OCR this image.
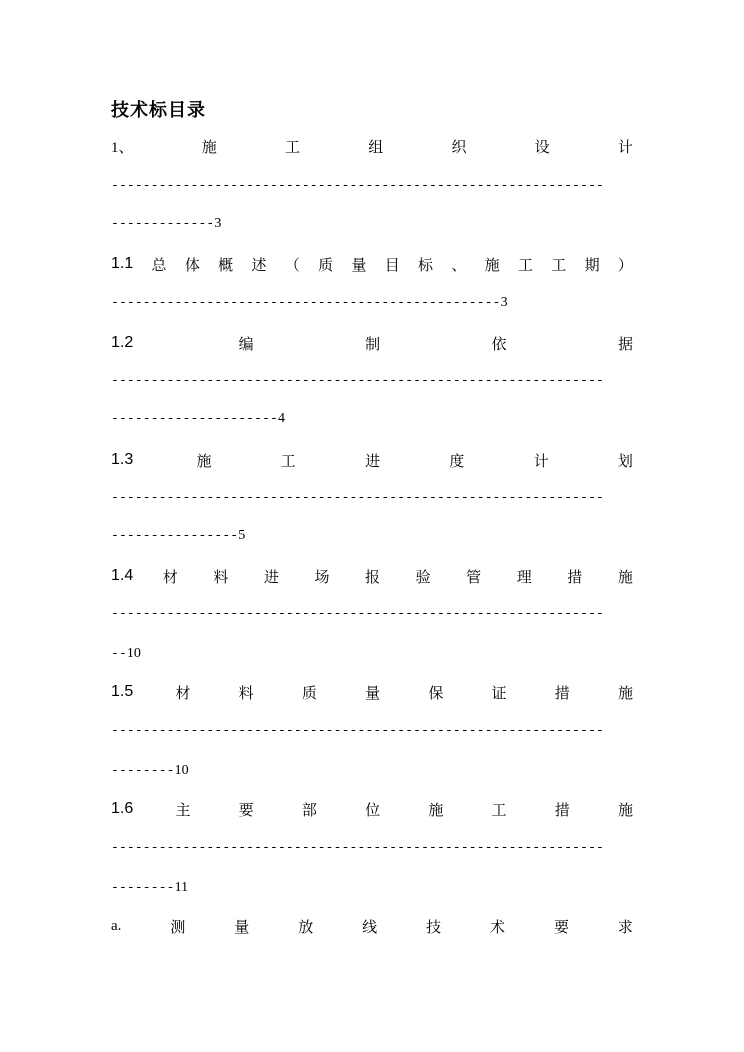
技术标目录
1、	施	工	组	织	设	计
--------------------------------------------------------------
-------------3
1.1 总 体 概 述 （ 质 量 目 标 、 施 工 工 期 ）
-------------------------------------------------3
1.2	编	制	依	据
--------------------------------------------------------------
---------------------4
1.3	施	工	进	度	计	划
--------------------------------------------------------------
----------------5
1.4 材 料 进 场 报 验 管 理 措 施
--------------------------------------------------------------
--10
1.5	材	料	质	量	保	证	措	施
--------------------------------------------------------------
--------10
1.6	主	要	部	位	施	工	措	施
--------------------------------------------------------------
--------11
a.	测	量	放	线	技	术	要	求
